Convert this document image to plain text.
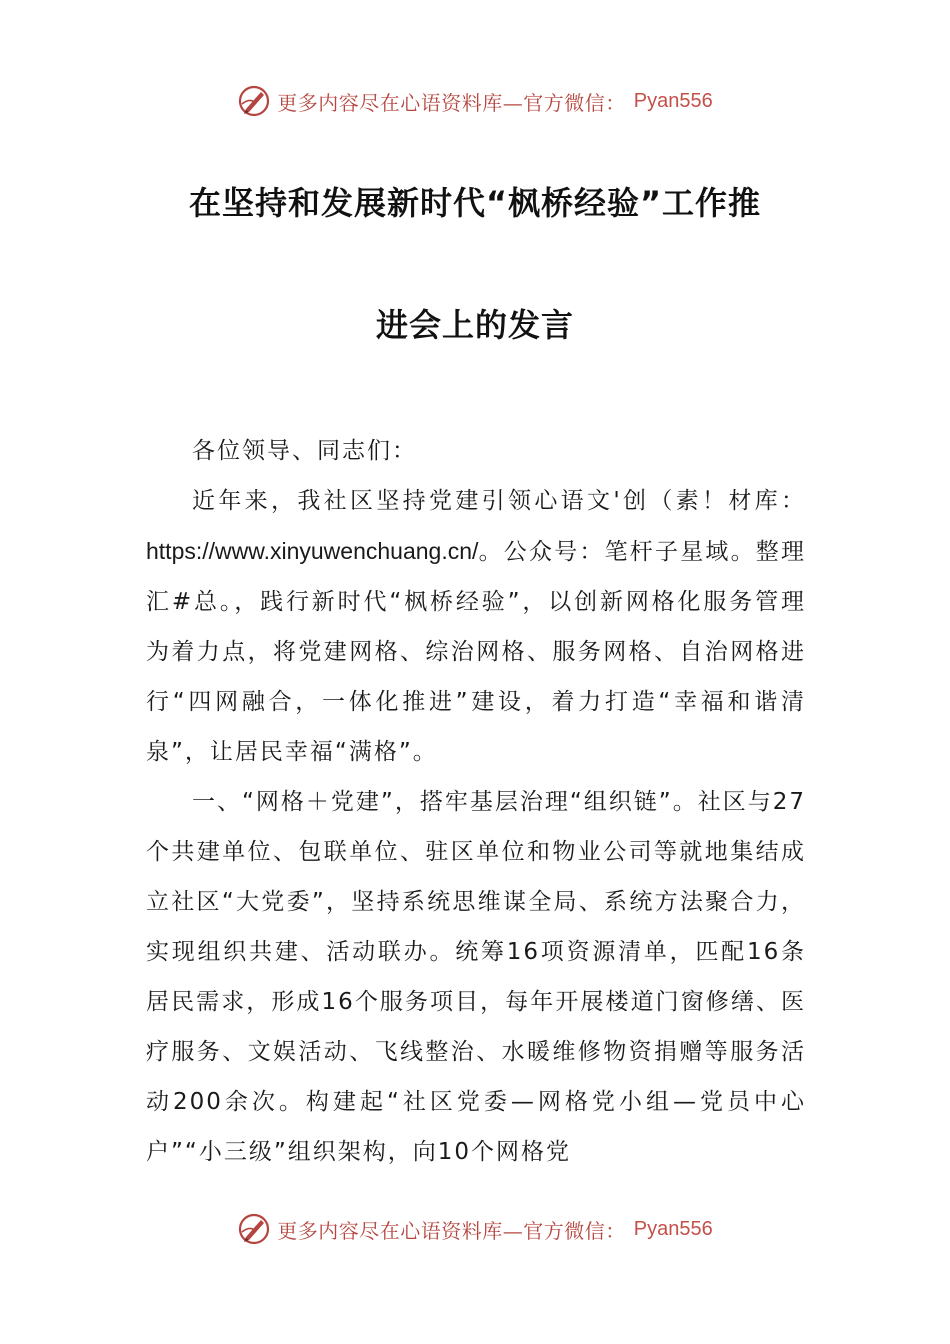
更多内容尽在心语资料库—官方微信： Pyan556
在坚持和发展新时代“枫桥经验”工作推
进会上的发言

各位领导、同志们：

近年来，我社区坚持党建引领心语文'创（素！材库：https://www.xinyuwenchuang.cn/。公众号：笔杆子星域。整理汇#总。，践行新时代“枫桥经验”，以创新网格化服务管理为着力点，将党建网格、综治网格、服务网格、自治网格进行“四网融合，一体化推进”建设，着力打造“幸福和谐清泉”，让居民幸福“满格”。

一、“网格＋党建”，搭牢基层治理“组织链”。社区与27个共建单位、包联单位、驻区单位和物业公司等就地集结成立社区“大党委”，坚持系统思维谋全局、系统方法聚合力，实现组织共建、活动联办。统筹16项资源清单，匹配16条居民需求，形成16个服务项目，每年开展楼道门窗修缮、医疗服务、文娱活动、飞线整治、水暖维修物资捐赠等服务活动200余次。构建起“社区党委—网格党小组—党员中心户”“小三级”组织架构，向10个网格党

更多内容尽在心语资料库—官方微信： Pyan556
